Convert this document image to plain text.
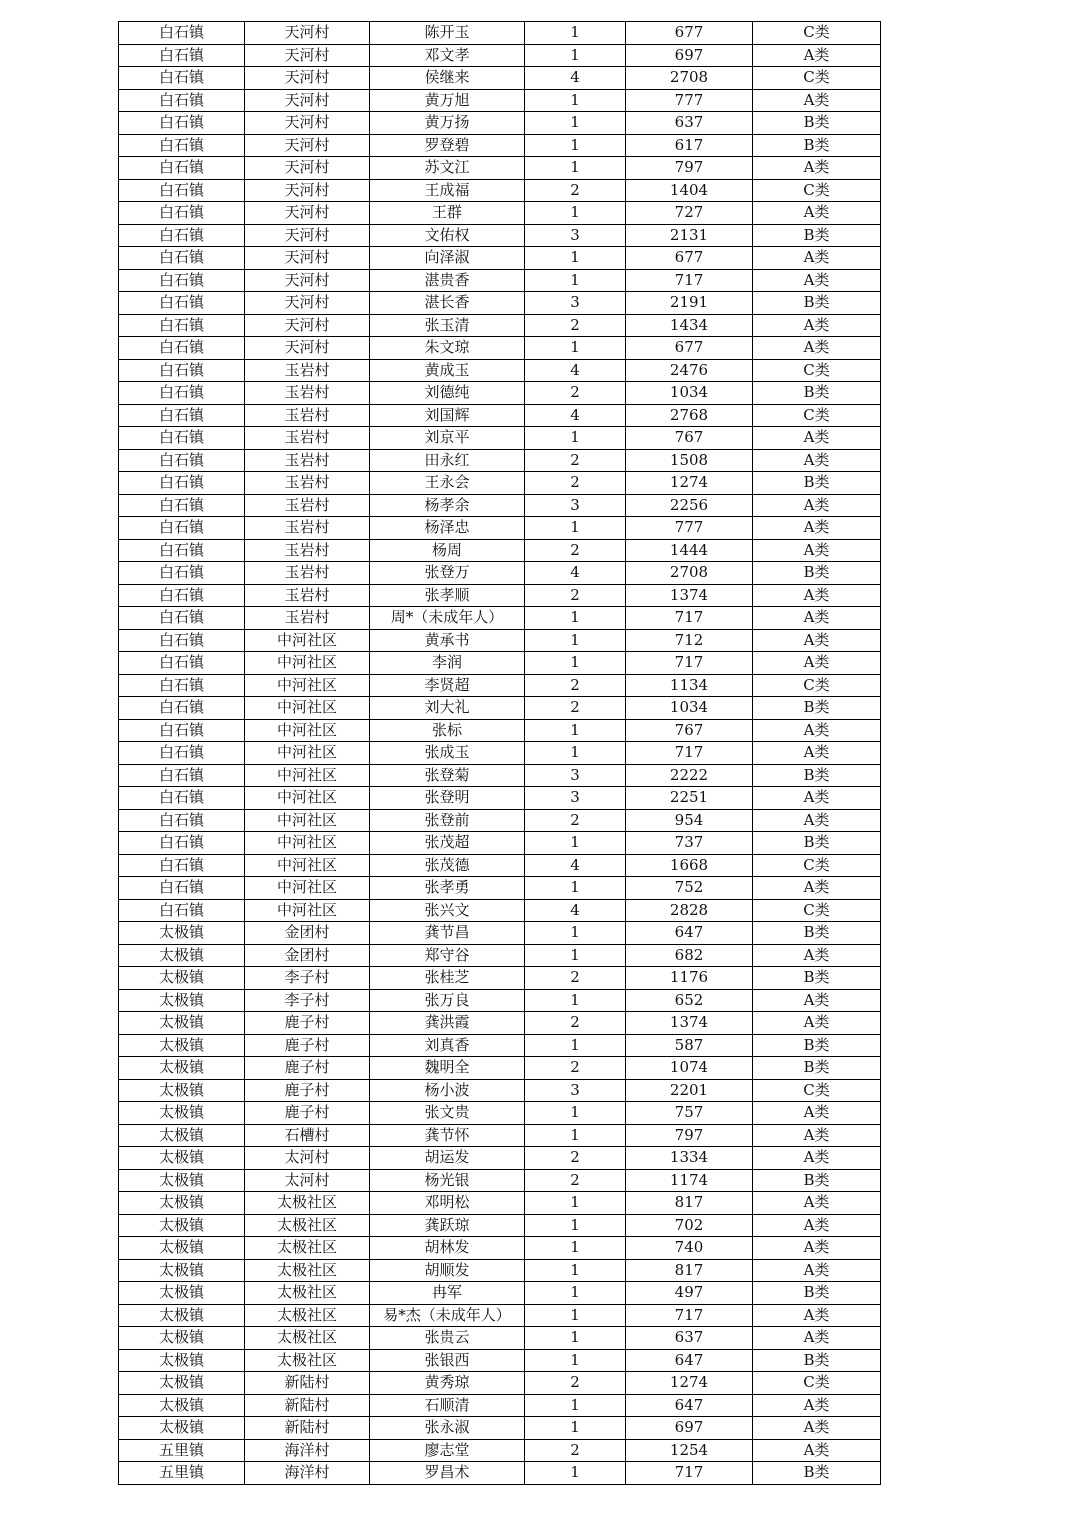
白石镇	天河村	陈开玉	1	677	C类
白石镇	天河村	邓文孝	1	697	A类
白石镇	天河村	侯继来	4	2708	C类
白石镇	天河村	黄万旭	1	777	A类
白石镇	天河村	黄万扬	1	637	B类
白石镇	天河村	罗登碧	1	617	B类
白石镇	天河村	苏文江	1	797	A类
白石镇	天河村	王成福	2	1404	C类
白石镇	天河村	王群	1	727	A类
白石镇	天河村	文佑权	3	2131	B类
白石镇	天河村	向泽淑	1	677	A类
白石镇	天河村	湛贵香	1	717	A类
白石镇	天河村	湛长香	3	2191	B类
白石镇	天河村	张玉清	2	1434	A类
白石镇	天河村	朱文琼	1	677	A类
白石镇	玉岩村	黄成玉	4	2476	C类
白石镇	玉岩村	刘德纯	2	1034	B类
白石镇	玉岩村	刘国辉	4	2768	C类
白石镇	玉岩村	刘京平	1	767	A类
白石镇	玉岩村	田永红	2	1508	A类
白石镇	玉岩村	王永会	2	1274	B类
白石镇	玉岩村	杨孝余	3	2256	A类
白石镇	玉岩村	杨泽忠	1	777	A类
白石镇	玉岩村	杨周	2	1444	A类
白石镇	玉岩村	张登万	4	2708	B类
白石镇	玉岩村	张孝顺	2	1374	A类
白石镇	玉岩村	周*（未成年人）	1	717	A类
白石镇	中河社区	黄承书	1	712	A类
白石镇	中河社区	李润	1	717	A类
白石镇	中河社区	李贤超	2	1134	C类
白石镇	中河社区	刘大礼	2	1034	B类
白石镇	中河社区	张标	1	767	A类
白石镇	中河社区	张成玉	1	717	A类
白石镇	中河社区	张登菊	3	2222	B类
白石镇	中河社区	张登明	3	2251	A类
白石镇	中河社区	张登前	2	954	A类
白石镇	中河社区	张茂超	1	737	B类
白石镇	中河社区	张茂德	4	1668	C类
白石镇	中河社区	张孝勇	1	752	A类
白石镇	中河社区	张兴文	4	2828	C类
太极镇	金团村	龚节昌	1	647	B类
太极镇	金团村	郑守谷	1	682	A类
太极镇	李子村	张桂芝	2	1176	B类
太极镇	李子村	张万良	1	652	A类
太极镇	鹿子村	龚洪霞	2	1374	A类
太极镇	鹿子村	刘真香	1	587	B类
太极镇	鹿子村	魏明全	2	1074	B类
太极镇	鹿子村	杨小波	3	2201	C类
太极镇	鹿子村	张文贵	1	757	A类
太极镇	石槽村	龚节怀	1	797	A类
太极镇	太河村	胡运发	2	1334	A类
太极镇	太河村	杨光银	2	1174	B类
太极镇	太极社区	邓明松	1	817	A类
太极镇	太极社区	龚跃琼	1	702	A类
太极镇	太极社区	胡林发	1	740	A类
太极镇	太极社区	胡顺发	1	817	A类
太极镇	太极社区	冉军	1	497	B类
太极镇	太极社区	易*杰（未成年人）	1	717	A类
太极镇	太极社区	张贵云	1	637	A类
太极镇	太极社区	张银西	1	647	B类
太极镇	新陆村	黄秀琼	2	1274	C类
太极镇	新陆村	石顺清	1	647	A类
太极镇	新陆村	张永淑	1	697	A类
五里镇	海洋村	廖志堂	2	1254	A类
五里镇	海洋村	罗昌术	1	717	B类
